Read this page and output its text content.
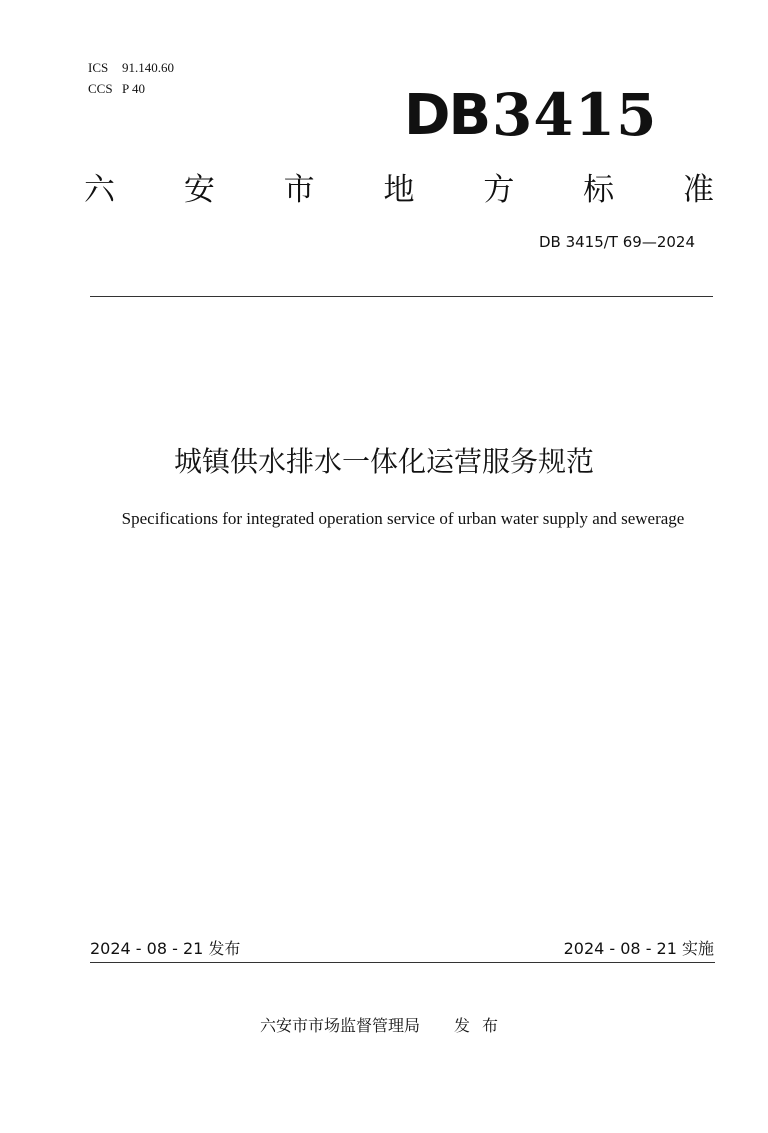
ICS 91.140.60
CCS P 40	DB 3415
六 安 市 地 方 标 准
DB 3415/T 69—2024
城镇供水排水一体化运营服务规范
Specifications for integrated operation service of urban water supply and sewerage
2024 - 08 - 21 发布	2024 - 08 - 21 实施
六安市市场监督管理局 发布
